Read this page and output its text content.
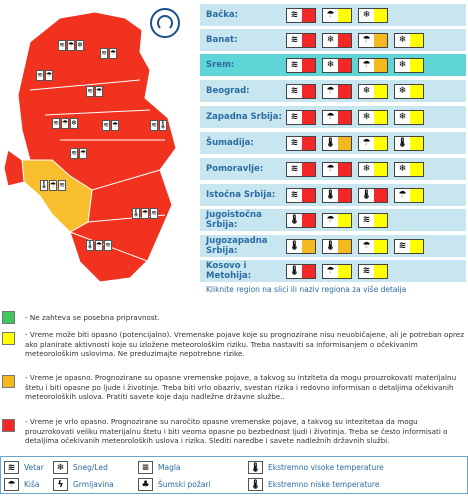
≋ ☂ ❄
≋ ☂
≋ ☂
≋ ☂
≋ ☂ ❄	≋ ☂
≋ ☂
≋ 🌡
🌡 ☂ ≋
🌡 ☂ ≋
🌡 ☂ ≋
Bačka:	≋	☂	❄
Banat:	≋	❄	☂	❄
Srem:	≋	❄	☂	❄
Beograd:	≋	☂	❄	❄
Zapadna Srbija: ≋	☂	❄	❄
Šumadija:	≋	🌡	☂	🌡
Pomoravlje:	≋	☂	❄	❄
Istočna Srbija:	≋	🌡	🌡	☂
Jugoistočna Srbija:	🌡	☂	≋
Jugozapadna Srbija:	🌡	🌡	☂	≋
Kosovo i Metohija:	🌡	☂	≋
Kliknite region na slici ili naziv regiona za više detalja
- Ne zahteva se posebna pripravnost.
- Vreme može biti opasno (potencijalno). Vremenske pojave koje su prognozirane nisu neuobičajene, ali je potreban oprez ako planirate aktivnosti koje su izložene meteorološkim riziku. Treba nastaviti sa informisanjem o očekivanim meteorološkim uslovima. Ne preduzimajte nepotrebne rizike.
- Vreme je opasno. Prognozirane su opasne vremenske pojave, a takvog su intziteta da mogu prouzrokovati materijalnu štetu i biti opasne po ljude i životinje. Treba biti vrlo obazriv, svestan rizika i redovno informisan o detaljima očekivanih meteoroloških uslova. Pratiti savete koje daju nadležne državne službe..
- Vreme je vrlo opasno. Prognozirane su naročito opasne vremenske pojave, a takvog su intezitetaa da mogu prouzrokovati veliku materijalnu štetu i biti veoma opasne po bezbednost ljudi i životinja. Treba se često informisati o detaljima očekivanih meteoroloških uslova i rizika. Slediti naredbe i savete nadležnih državnih službi.
≋	Vetar	❄	Sneg/Led	≡	Magla	🌡 Ekstremno visoke temperature
☂	Kiša	ϟ	Grmljavina	♣	Šumski požari	🌡 Ekstremno niske temperature
